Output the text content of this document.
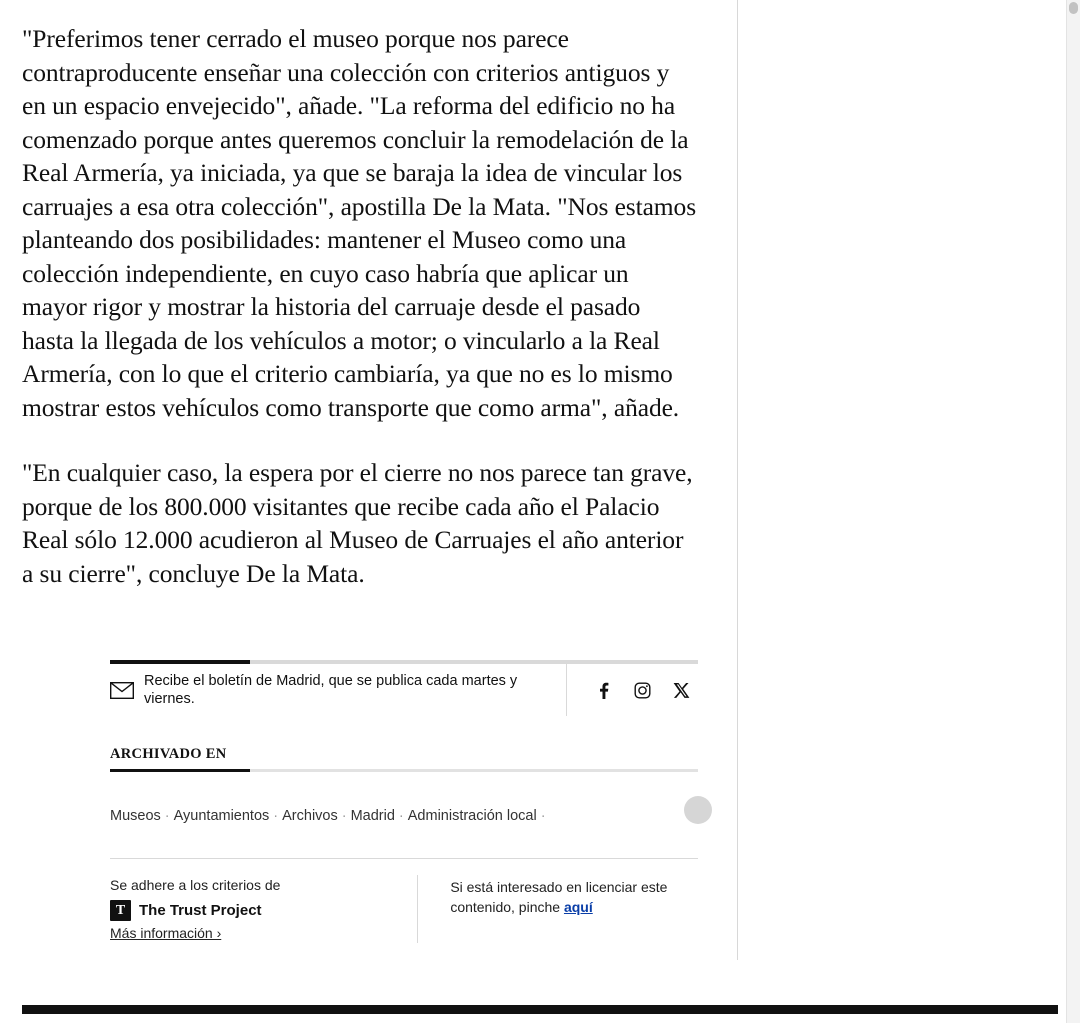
"Preferimos tener cerrado el museo porque nos parece contraproducente enseñar una colección con criterios antiguos y en un espacio envejecido", añade. "La reforma del edificio no ha comenzado porque antes queremos concluir la remodelación de la Real Armería, ya iniciada, ya que se baraja la idea de vincular los carruajes a esa otra colección", apostilla De la Mata. "Nos estamos planteando dos posibilidades: mantener el Museo como una colección independiente, en cuyo caso habría que aplicar un mayor rigor y mostrar la historia del carruaje desde el pasado hasta la llegada de los vehículos a motor; o vincularlo a la Real Armería, con lo que el criterio cambiaría, ya que no es lo mismo mostrar estos vehículos como transporte que como arma", añade.

"En cualquier caso, la espera por el cierre no nos parece tan grave, porque de los 800.000 visitantes que recibe cada año el Palacio Real sólo 12.000 acudieron al Museo de Carruajes el año anterior a su cierre", concluye De la Mata.

Recibe el boletín de Madrid, que se publica cada martes y viernes.
ARCHIVADO EN
Museos · Ayuntamientos · Archivos · Madrid · Administración local ·
Se adhere a los criterios de
T The Trust Project
Más información ›
Si está interesado en licenciar este contenido, pinche aquí
